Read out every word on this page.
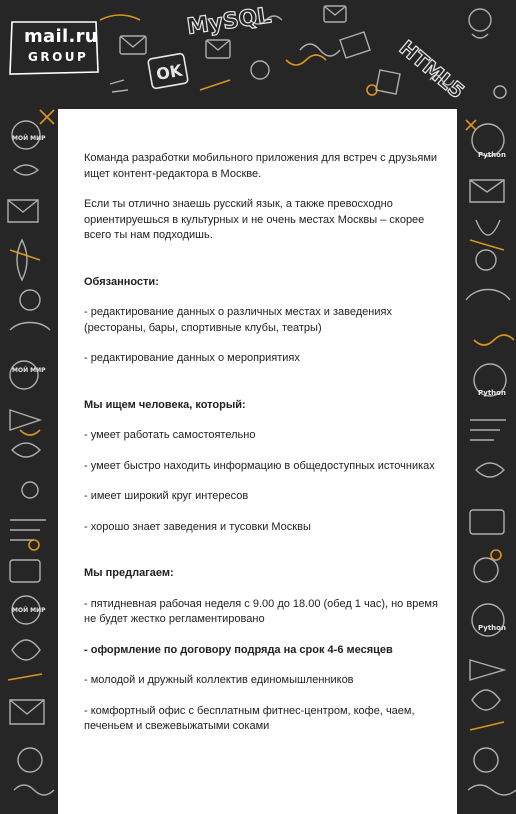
MySQL
HTML5
OK
Python
МОЙ МИР
МОЙ МИР
Python
МОЙ МИР
Python
mail.ru
GROUP

Команда разработки мобильного приложения для встреч с друзьями ищет контент-редактора в Москве.

Если ты отлично знаешь русский язык, а также превосходно ориентируешься в культурных и не очень местах Москвы – скорее всего ты нам подходишь.

Обязанности:

- редактирование данных о различных местах и заведениях (рестораны, бары, спортивные клубы, театры)

- редактирование данных о мероприятиях

Мы ищем человека, который:

- умеет работать самостоятельно

- умеет быстро находить информацию в общедоступных источниках

- имеет широкий круг интересов

- хорошо знает заведения и тусовки Москвы

Мы предлагаем:

- пятидневная рабочая неделя с 9.00 до 18.00 (обед 1 час), но время не будет жестко регламентировано

- оформление по договору подряда на срок 4-6 месяцев

- молодой и дружный коллектив единомышленников

- комфортный офис с бесплатным фитнес-центром, кофе, чаем, печеньем и свежевыжатыми соками
